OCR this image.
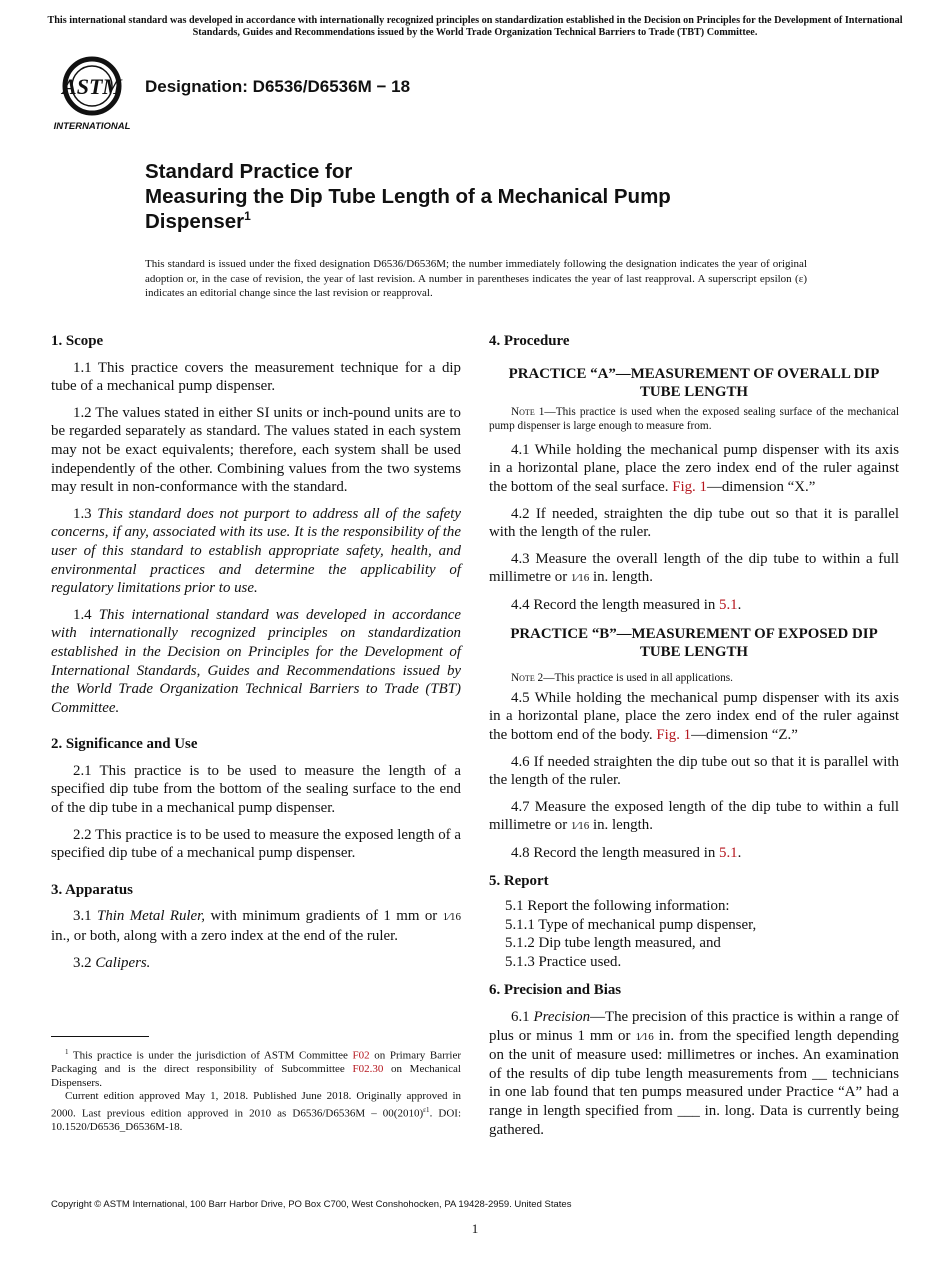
This international standard was developed in accordance with internationally recognized principles on standardization established in the Decision on Principles for the Development of International Standards, Guides and Recommendations issued by the World Trade Organization Technical Barriers to Trade (TBT) Committee.
ASTM
INTERNATIONAL
Designation: D6536/D6536M − 18
Standard Practice for
Measuring the Dip Tube Length of a Mechanical Pump
Dispenser$^1$
This standard is issued under the fixed designation D6536/D6536M; the number immediately following the designation indicates the year of original adoption or, in the case of revision, the year of last revision. A number in parentheses indicates the year of last reapproval. A superscript epsilon (ε) indicates an editorial change since the last revision or reapproval.

1. Scope

1.1 This practice covers the measurement technique for a dip tube of a mechanical pump dispenser.

1.2 The values stated in either SI units or inch-pound units are to be regarded separately as standard. The values stated in each system may not be exact equivalents; therefore, each system shall be used independently of the other. Combining values from the two systems may result in non-conformance with the standard.

1.3 This standard does not purport to address all of the safety concerns, if any, associated with its use. It is the responsibility of the user of this standard to establish appropriate safety, health, and environmental practices and determine the applicability of regulatory limitations prior to use.

1.4 This international standard was developed in accordance with internationally recognized principles on standardization established in the Decision on Principles for the Development of International Standards, Guides and Recommendations issued by the World Trade Organization Technical Barriers to Trade (TBT) Committee.

2. Significance and Use

2.1 This practice is to be used to measure the length of a specified dip tube from the bottom of the sealing surface to the end of the dip tube in a mechanical pump dispenser.

2.2 This practice is to be used to measure the exposed length of a specified dip tube of a mechanical pump dispenser.

3. Apparatus

3.1 Thin Metal Ruler, with minimum gradients of 1 mm or 1⁄16 in., or both, along with a zero index at the end of the ruler.

3.2 Calipers.

$^1$ This practice is under the jurisdiction of ASTM Committee F02 on Primary Barrier Packaging and is the direct responsibility of Subcommittee F02.30 on Mechanical Dispensers.

Current edition approved May 1, 2018. Published June 2018. Originally approved in 2000. Last previous edition approved in 2010 as $D6536/D6536M - 00(2010)^{\varepsilon 1}$. DOI: 10.1520/D6536_D6536M-18.

4. Procedure

PRACTICE “A”—MEASUREMENT OF OVERALL DIP TUBE LENGTH

Note 1—This practice is used when the exposed sealing surface of the mechanical pump dispenser is large enough to measure from.

4.1 While holding the mechanical pump dispenser with its axis in a horizontal plane, place the zero index end of the ruler against the bottom of the seal surface. Fig. 1—dimension “X.”

4.2 If needed, straighten the dip tube out so that it is parallel with the length of the ruler.

4.3 Measure the overall length of the dip tube to within a full millimetre or 1⁄16 in. length.

4.4 Record the length measured in 5.1.

PRACTICE “B”—MEASUREMENT OF EXPOSED DIP TUBE LENGTH

Note 2—This practice is used in all applications.

4.5 While holding the mechanical pump dispenser with its axis in a horizontal plane, place the zero index end of the ruler against the bottom end of the body. Fig. 1—dimension “Z.”

4.6 If needed straighten the dip tube out so that it is parallel with the length of the ruler.

4.7 Measure the exposed length of the dip tube to within a full millimetre or 1⁄16 in. length.

4.8 Record the length measured in 5.1.

5. Report

5.1 Report the following information:

5.1.1 Type of mechanical pump dispenser,

5.1.2 Dip tube length measured, and

5.1.3 Practice used.

6. Precision and Bias

6.1 Precision—The precision of this practice is within a range of plus or minus 1 mm or 1⁄16 in. from the specified length depending on the unit of measure used: millimetres or inches. An examination of the results of dip tube length measurements from __ technicians in one lab found that ten pumps measured under Practice “A” had a range in length specified from ___ in. long. Data is currently being gathered.

Copyright © ASTM International, 100 Barr Harbor Drive, PO Box C700, West Conshohocken, PA 19428-2959. United States
1
